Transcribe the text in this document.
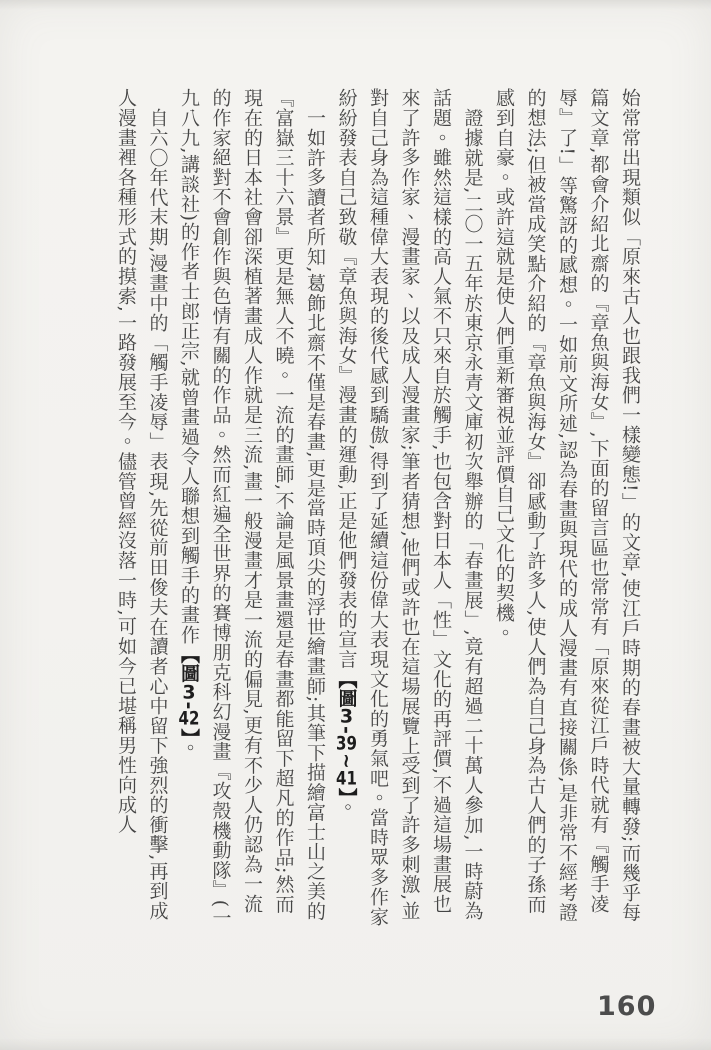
始常常出現類似「原來古人也跟我們一樣變態!」的文章,使江戶時期的春畫被大量轉發;而幾乎每篇文章,都會介紹北齋的『章魚與海女』,下面的留言區也常常有「原來從江戶時代就有『觸手凌辱』了!」等驚訝的感想。一如前文所述,認為春畫與現代的成人漫畫有直接關係,是非常不經考證的想法;但被當成笑點介紹的『章魚與海女』卻感動了許多人,使人們為自己身為古人們的子孫而感到自豪。或許這就是使人們重新審視並評價自己文化的契機。

證據就是,二〇一五年於東京永青文庫初次舉辦的「春畫展」,竟有超過二十萬人參加,一時蔚為話題。雖然這樣的高人氣不只來自於觸手,也包含對日本人「性」文化的再評價,不過這場畫展也來了許多作家、漫畫家、以及成人漫畫家;筆者猜想,他們或許也在這場展覽上受到了許多刺激,並對自己身為這種偉大表現的後代感到驕傲,得到了延續這份偉大表現文化的勇氣吧。當時眾多作家紛紛發表自己致敬『章魚與海女』漫畫的運動,正是他們發表的宣言【圖3-39~41】。

一如許多讀者所知,葛飾北齋不僅是春畫,更是當時頂尖的浮世繪畫師;其筆下描繪富士山之美的『富嶽三十六景』更是無人不曉。一流的畫師,不論是風景畫還是春畫都能留下超凡的作品;然而現在的日本社會卻深植著畫成人作就是三流,畫一般漫畫才是一流的偏見,更有不少人仍認為一流的作家絕對不會創作與色情有關的作品。然而紅遍全世界的賽博朋克科幻漫畫『攻殼機動隊』(一九八九,講談社)的作者士郎正宗,就曾畫過令人聯想到觸手的畫作【圖3-42】。

自六〇年代末期,漫畫中的「觸手凌辱」表現,先從前田俊夫在讀者心中留下強烈的衝擊,再到成人漫畫裡各種形式的摸索,一路發展至今。儘管曾經沒落一時,可如今已堪稱男性向成人

160
